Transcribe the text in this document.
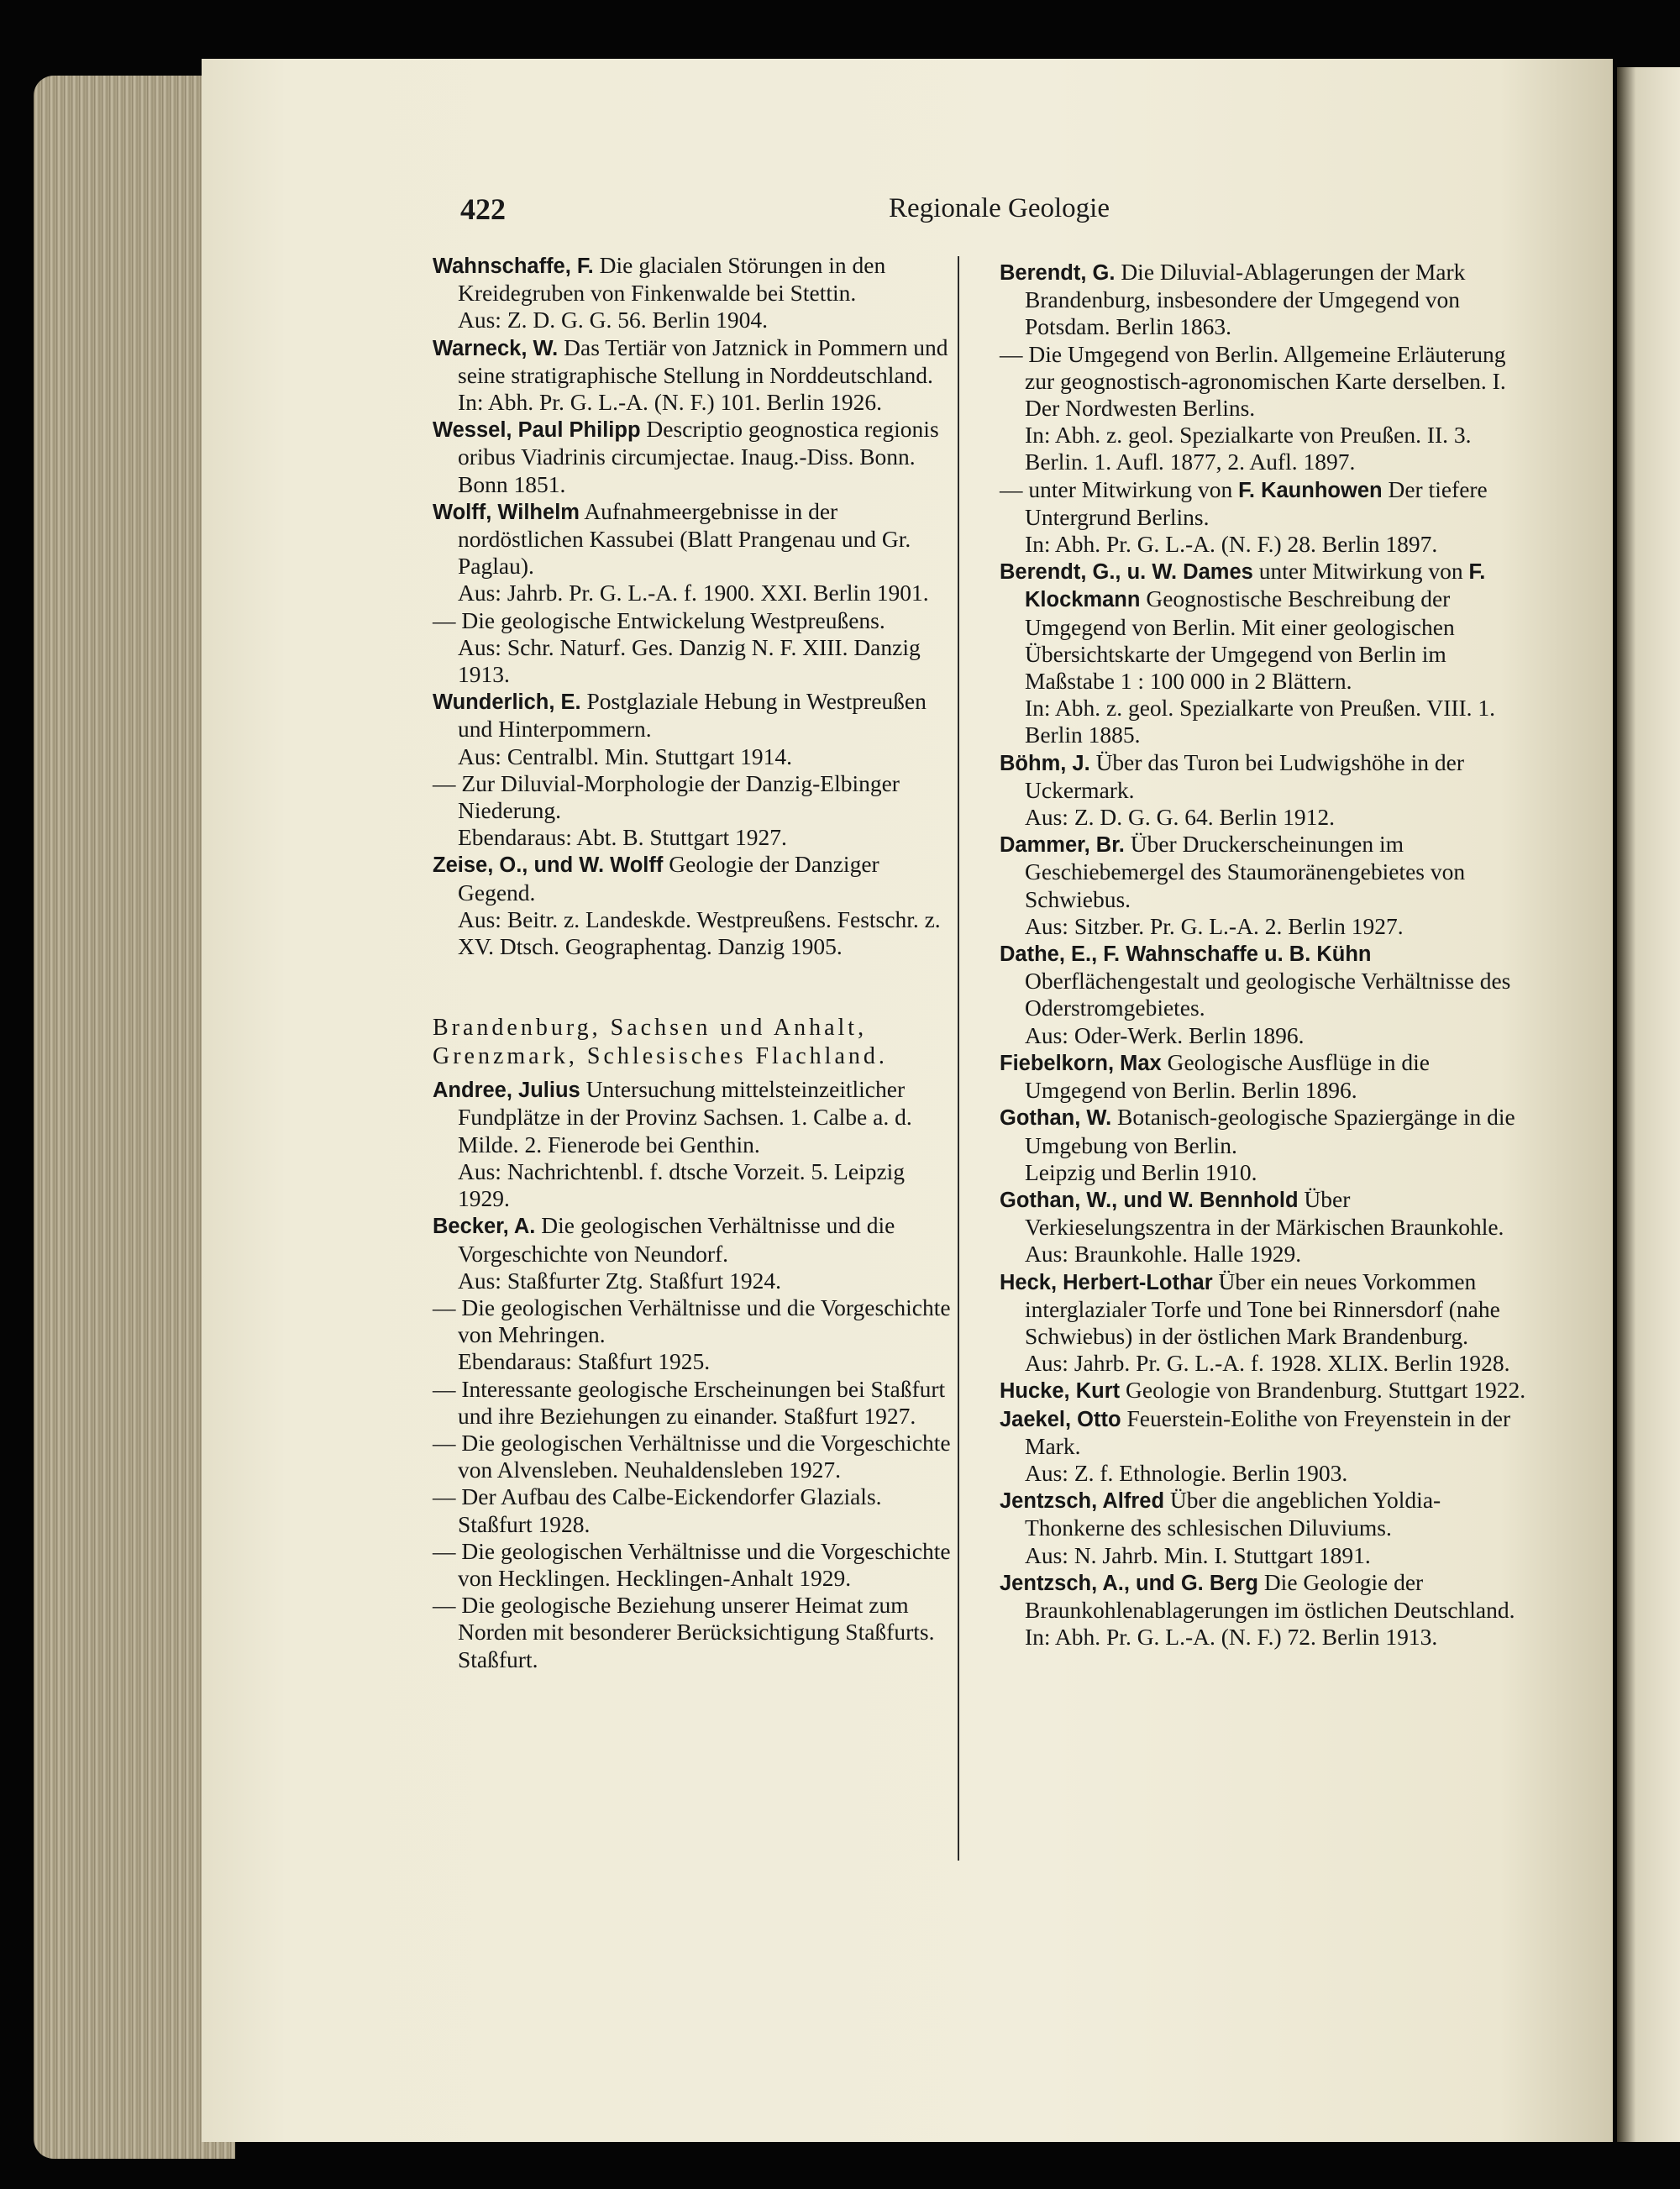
422	Regionale Geologie

Wahnschaffe, F. Die glacialen Störungen in den Kreidegruben von Finkenwalde bei Stettin.

Aus: Z. D. G. G. 56. Berlin 1904.

Warneck, W. Das Tertiär von Jatznick in Pommern und seine stratigraphische Stellung in Norddeutschland.

In: Abh. Pr. G. L.-A. (N. F.) 101. Berlin 1926.

Wessel, Paul Philipp Descriptio geognostica regionis oribus Viadrinis circumjectae. Inaug.-Diss. Bonn. Bonn 1851.

Wolff, Wilhelm Aufnahmeergebnisse in der nordöstlichen Kassubei (Blatt Prangenau und Gr. Paglau).

Aus: Jahrb. Pr. G. L.-A. f. 1900. XXI. Berlin 1901.

— Die geologische Entwickelung Westpreußens.

Aus: Schr. Naturf. Ges. Danzig N. F. XIII. Danzig 1913.

Wunderlich, E. Postglaziale Hebung in Westpreußen und Hinterpommern.

Aus: Centralbl. Min. Stuttgart 1914.

— Zur Diluvial-Morphologie der Danzig-Elbinger Niederung.

Ebendaraus: Abt. B. Stuttgart 1927.

Zeise, O., und W. Wolff Geologie der Danziger Gegend.

Aus: Beitr. z. Landeskde. Westpreußens. Festschr. z. XV. Dtsch. Geographentag. Danzig 1905.

Brandenburg, Sachsen und Anhalt, Grenzmark, Schlesisches Flachland.

Andree, Julius Untersuchung mittelsteinzeitlicher Fundplätze in der Provinz Sachsen. 1. Calbe a. d. Milde. 2. Fienerode bei Genthin.

Aus: Nachrichtenbl. f. dtsche Vorzeit. 5. Leipzig 1929.

Becker, A. Die geologischen Verhältnisse und die Vorgeschichte von Neundorf.

Aus: Staßfurter Ztg. Staßfurt 1924.

— Die geologischen Verhältnisse und die Vorgeschichte von Mehringen.

Ebendaraus: Staßfurt 1925.

— Interessante geologische Erscheinungen bei Staßfurt und ihre Beziehungen zu einander. Staßfurt 1927.

— Die geologischen Verhältnisse und die Vorgeschichte von Alvensleben. Neuhaldensleben 1927.

— Der Aufbau des Calbe-Eickendorfer Glazials. Staßfurt 1928.

— Die geologischen Verhältnisse und die Vorgeschichte von Hecklingen. Hecklingen-Anhalt 1929.

— Die geologische Beziehung unserer Heimat zum Norden mit besonderer Berücksichtigung Staßfurts. Staßfurt.

Berendt, G. Die Diluvial-Ablagerungen der Mark Brandenburg, insbesondere der Umgegend von Potsdam. Berlin 1863.

— Die Umgegend von Berlin. Allgemeine Erläuterung zur geognostisch-agronomischen Karte derselben. I. Der Nordwesten Berlins.

In: Abh. z. geol. Spezialkarte von Preußen. II. 3. Berlin. 1. Aufl. 1877, 2. Aufl. 1897.

— unter Mitwirkung von F. Kaunhowen Der tiefere Untergrund Berlins.

In: Abh. Pr. G. L.-A. (N. F.) 28. Berlin 1897.

Berendt, G., u. W. Dames unter Mitwirkung von F. Klockmann Geognostische Beschreibung der Umgegend von Berlin. Mit einer geologischen Übersichtskarte der Umgegend von Berlin im Maßstabe 1 : 100 000 in 2 Blättern.

In: Abh. z. geol. Spezialkarte von Preußen. VIII. 1. Berlin 1885.

Böhm, J. Über das Turon bei Ludwigshöhe in der Uckermark.

Aus: Z. D. G. G. 64. Berlin 1912.

Dammer, Br. Über Druckerscheinungen im Geschiebemergel des Staumoränengebietes von Schwiebus.

Aus: Sitzber. Pr. G. L.-A. 2. Berlin 1927.

Dathe, E., F. Wahnschaffe u. B. Kühn Oberflächengestalt und geologische Verhältnisse des Oderstromgebietes.

Aus: Oder-Werk. Berlin 1896.

Fiebelkorn, Max Geologische Ausflüge in die Umgegend von Berlin. Berlin 1896.

Gothan, W. Botanisch-geologische Spaziergänge in die Umgebung von Berlin.

Leipzig und Berlin 1910.

Gothan, W., und W. Bennhold Über Verkieselungszentra in der Märkischen Braunkohle.

Aus: Braunkohle. Halle 1929.

Heck, Herbert-Lothar Über ein neues Vorkommen interglazialer Torfe und Tone bei Rinnersdorf (nahe Schwiebus) in der östlichen Mark Brandenburg.

Aus: Jahrb. Pr. G. L.-A. f. 1928. XLIX. Berlin 1928.

Hucke, Kurt Geologie von Brandenburg. Stuttgart 1922.

Jaekel, Otto Feuerstein-Eolithe von Freyenstein in der Mark.

Aus: Z. f. Ethnologie. Berlin 1903.

Jentzsch, Alfred Über die angeblichen Yoldia-Thonkerne des schlesischen Diluviums.

Aus: N. Jahrb. Min. I. Stuttgart 1891.

Jentzsch, A., und G. Berg Die Geologie der Braunkohlenablagerungen im östlichen Deutschland.

In: Abh. Pr. G. L.-A. (N. F.) 72. Berlin 1913.
